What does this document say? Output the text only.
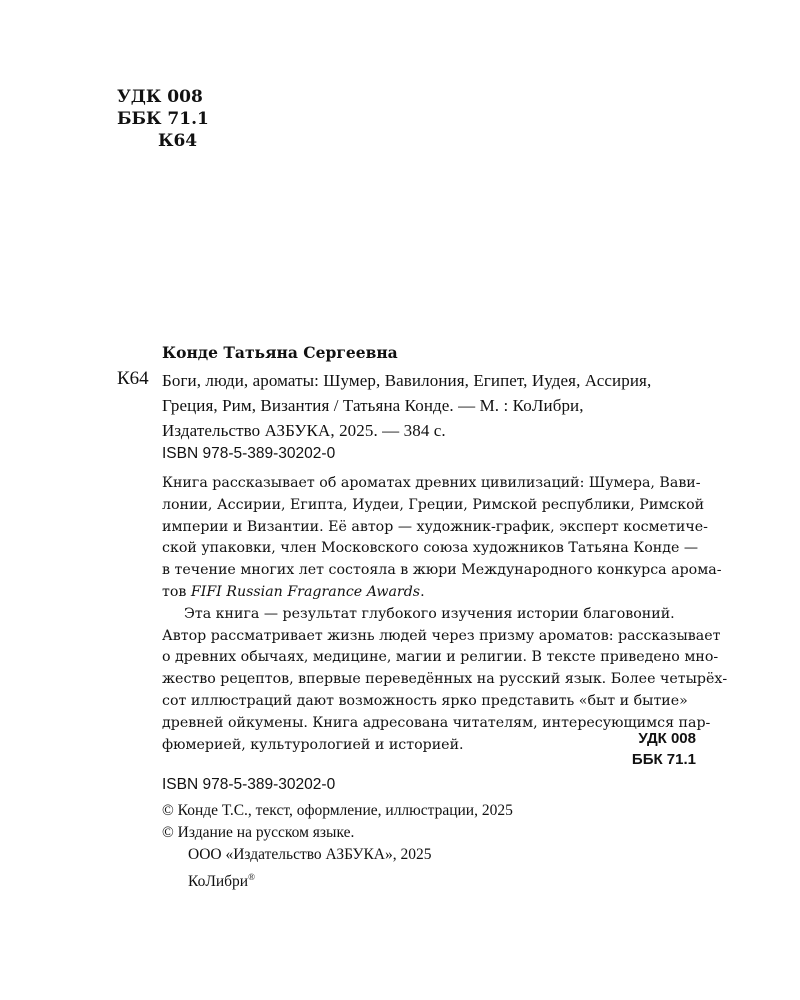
УДК 008
ББК 71.1
К64
Конде Татьяна Сергеевна
К64 Боги, люди, ароматы: Шумер, Вавилония, Египет, Иудея, Ассирия,
Греция, Рим, Византия / Татьяна Конде. — М. : КоЛибри,
Издательство АЗБУКА, 2025. — 384 с.
ISBN 978-5-389-30202-0
Книга рассказывает об ароматах древних цивилизаций: Шумера, Вави-
лонии, Ассирии, Египта, Иудеи, Греции, Римской республики, Римской
империи и Византии. Её автор — художник-график, эксперт косметиче-
ской упаковки, член Московского союза художников Татьяна Конде —
в течение многих лет состояла в жюри Международного конкурса арома-
тов FIFI Russian Fragrance Awards.
Эта книга — результат глубокого изучения истории благовоний.
Автор рассматривает жизнь людей через призму ароматов: рассказывает
о древних обычаях, медицине, магии и религии. В тексте приведено мно-
жество рецептов, впервые переведённых на русский язык. Более четырёх-
сот иллюстраций дают возможность ярко представить «быт и бытие»
древней ойкумены. Книга адресована читателям, интересующимся пар-
фюмерией, культурологией и историей.	УДК 008
ББК 71.1
ISBN 978-5-389-30202-0
© Конде Т.С., текст, оформление, иллюстрации, 2025
© Издание на русском языке.
ООО «Издательство АЗБУКА», 2025
КоЛибри®
